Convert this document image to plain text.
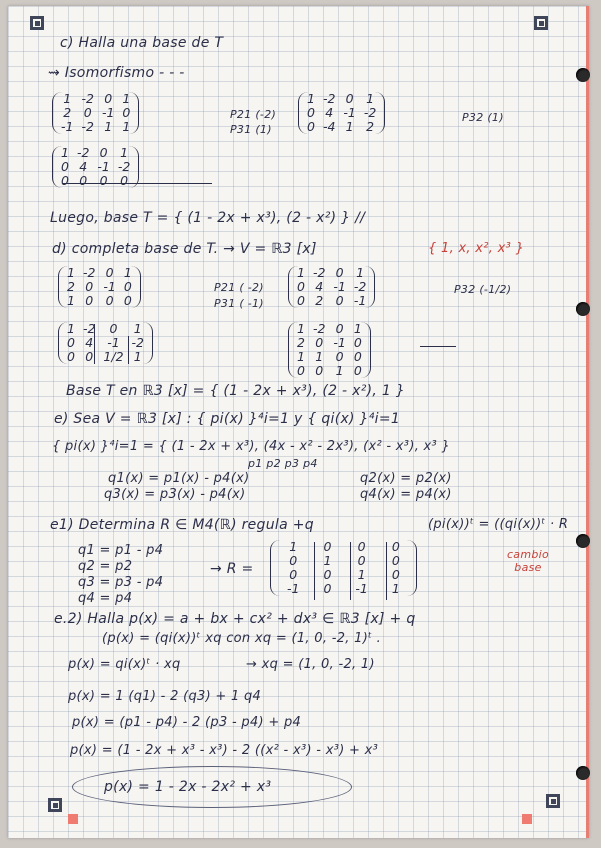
c) Halla una base de T
⇝ Isomorfismo - - -
1	-2	0	1
2	0	-1	0
-1	-2	1	1
P21 (-2)
P31 (1)
1	-2	0	1
0	4	-1	-2
0	-4	1	2
P32 (1)
1	-2	0	1
0	4	-1	-2
0	0	0	0
Luego, base T = { (1 - 2x + x³), (2 - x²) } //
d) completa base de T. → V = ℝ3 [x]	{ 1, x, x², x³ }
1	-2	0	1
2	0	-1	0
1	0	0	0
P21 ( -2)
P31 ( -1)
1	-2	0	1
0	4	-1	-2
0	2	0	-1
P32 (-1/2)
1	-2	0	1
0	4	-1	-2
0	0	1/2	1
1	-2	0	1
2	0	-1	0
1	1	0	0
0	0	1	0
Base T en ℝ3 [x] = { (1 - 2x + x³), (2 - x²), 1 }
e) Sea V = ℝ3 [x] : { pi(x) }⁴i=1 y { qi(x) }⁴i=1
{ pi(x) }⁴i=1 = { (1 - 2x + x³), (4x - x² - 2x³), (x² - x³), x³ }
p1 p2 p3 p4
q1(x) = p1(x) - p4(x)	q2(x) = p2(x)
q3(x) = p3(x) - p4(x)	q4(x) = p4(x)
e1) Determina R ∈ M4(ℝ) regula +q	(pi(x))ᵗ = ((qi(x))ᵗ · R
cambio base
q1 = p1 - p4
q2 = p2
q3 = p3 - p4
q4 = p4
→ R =
1	0	0	0
0	1	0	0
0	0	1	0
-1	0	-1	1
e.2) Halla p(x) = a + bx + cx² + dx³ ∈ ℝ3 [x] + q
(p(x) = (qi(x))ᵗ xq con xq = (1, 0, -2, 1)ᵗ .
p(x) = qi(x)ᵗ · xq	→ xq = (1, 0, -2, 1)
p(x) = 1 (q1) - 2 (q3) + 1 q4
p(x) = (p1 - p4) - 2 (p3 - p4) + p4
p(x) = (1 - 2x + x³ - x³) - 2 ((x² - x³) - x³) + x³
p(x) = 1 - 2x - 2x² + x³
